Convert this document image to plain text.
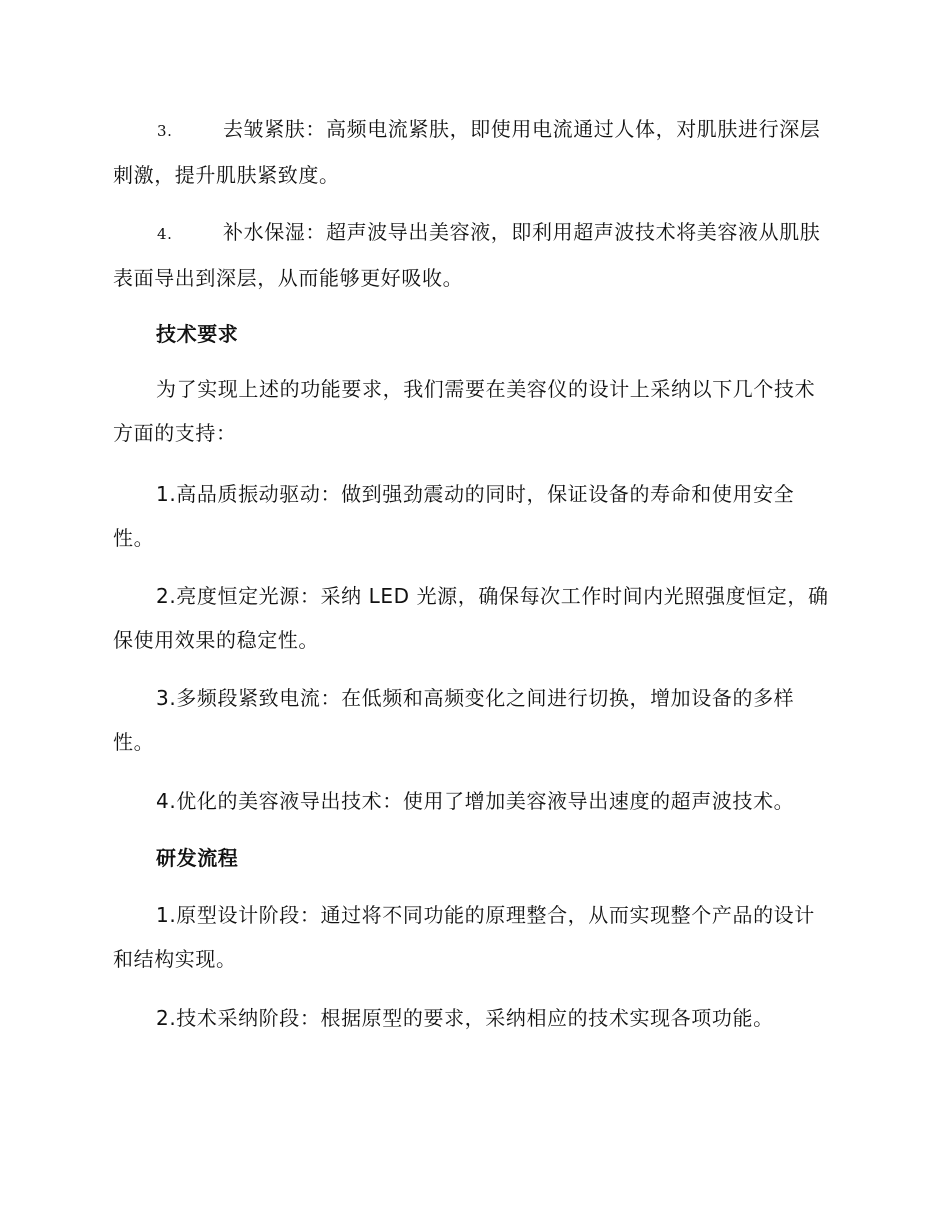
3.	去皱紧肤：高频电流紧肤，即使用电流通过人体，对肌肤进行深层刺激，提升肌肤紧致度。
4.	补水保湿：超声波导出美容液，即利用超声波技术将美容液从肌肤表面导出到深层，从而能够更好吸收。
技术要求
为了实现上述的功能要求，我们需要在美容仪的设计上采纳以下几个技术方面的支持：
1.高品质振动驱动：做到强劲震动的同时，保证设备的寿命和使用安全性。
2.亮度恒定光源：采纳 LED 光源，确保每次工作时间内光照强度恒定，确保使用效果的稳定性。
3.多频段紧致电流：在低频和高频变化之间进行切换，增加设备的多样性。
4.优化的美容液导出技术：使用了增加美容液导出速度的超声波技术。
研发流程
1.原型设计阶段：通过将不同功能的原理整合，从而实现整个产品的设计和结构实现。
2.技术采纳阶段：根据原型的要求，采纳相应的技术实现各项功能。
